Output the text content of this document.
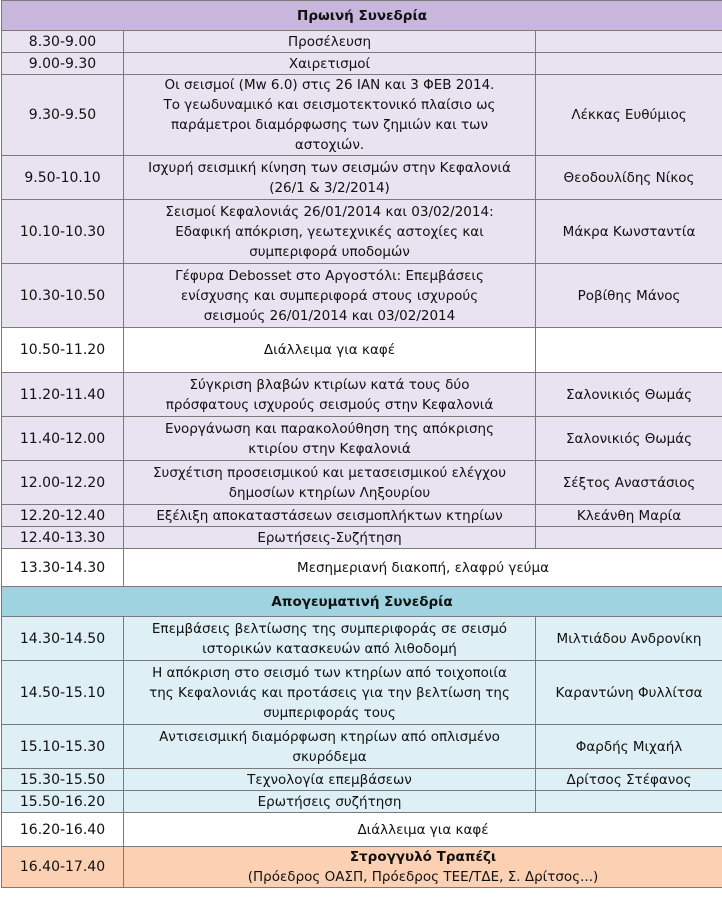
Πρωινή Συνεδρία		
8.30-9.00	Προσέλευση	

9.00-9.30	Χαιρετισμοί	

9.30-9.50	Οι σεισμοί (Mw 6.0) στις 26 ΙΑΝ και 3 ΦΕΒ 2014.
Το γεωδυναμικό και σεισμοτεκτονικό πλαίσιο ως
παράμετροι διαμόρφωσης των ζημιών και των
αστοχιών.	Λέκκας Ευθύμιος
9.50-10.10	Ισχυρή σεισμική κίνηση των σεισμών στην Κεφαλονιά
(26/1 & 3/2/2014)	Θεοδουλίδης Νίκος
10.10-10.30	Σεισμοί Κεφαλονιάς 26/01/2014 και 03/02/2014:
Εδαφική απόκριση, γεωτεχνικές αστοχίες και
συμπεριφορά υποδομών	Μάκρα Κωνσταντία
10.30-10.50	Γέφυρα Debosset στο Αργοστόλι: Επεμβάσεις
ενίσχυσης και συμπεριφορά στους ισχυρούς
σεισμούς 26/01/2014 και 03/02/2014	Ροβίθης Μάνος
10.50-11.20	Διάλλειμα για καφέ	

11.20-11.40	Σύγκριση βλαβών κτιρίων κατά τους δύο
πρόσφατους ισχυρούς σεισμούς στην Κεφαλονιά	Σαλονικιός Θωμάς
11.40-12.00	Ενοργάνωση και παρακολούθηση της απόκρισης
κτιρίου στην Κεφαλονιά	Σαλονικιός Θωμάς
12.00-12.20	Συσχέτιση προσεισμικού και μετασεισμικού ελέγχου
δημοσίων κτηρίων Ληξουρίου	Σέξτος Αναστάσιος
12.20-12.40	Εξέλιξη αποκαταστάσεων σεισμοπλήκτων κτηρίων	Κλεάνθη Μαρία
12.40-13.30	Ερωτήσεις-Συζήτηση	

13.30-14.30	Μεσημεριανή διακοπή, ελαφρύ γεύμα	
Απογευματινή Συνεδρία		
14.30-14.50	Επεμβάσεις βελτίωσης της συμπεριφοράς σε σεισμό
ιστορικών κατασκευών από λιθοδομή	Μιλτιάδου Ανδρονίκη
14.50-15.10	Η απόκριση στο σεισμό των κτηρίων από τοιχοποιία
της Κεφαλονιάς και προτάσεις για την βελτίωση της
συμπεριφοράς τους	Καραντώνη Φυλλίτσα
15.10-15.30	Αντισεισμική διαμόρφωση κτηρίων από οπλισμένο
σκυρόδεμα	Φαρδής Μιχαήλ
15.30-15.50	Τεχνολογία επεμβάσεων	Δρίτσος Στέφανος
15.50-16.20	Ερωτήσεις συζήτηση	

16.20-16.40	Διάλλειμα για καφέ	
16.40-17.40	Στρογγυλό Τραπέζι
(Πρόεδρος ΟΑΣΠ, Πρόεδρος ΤΕΕ/ΤΔΕ, Σ. Δρίτσος...)	
